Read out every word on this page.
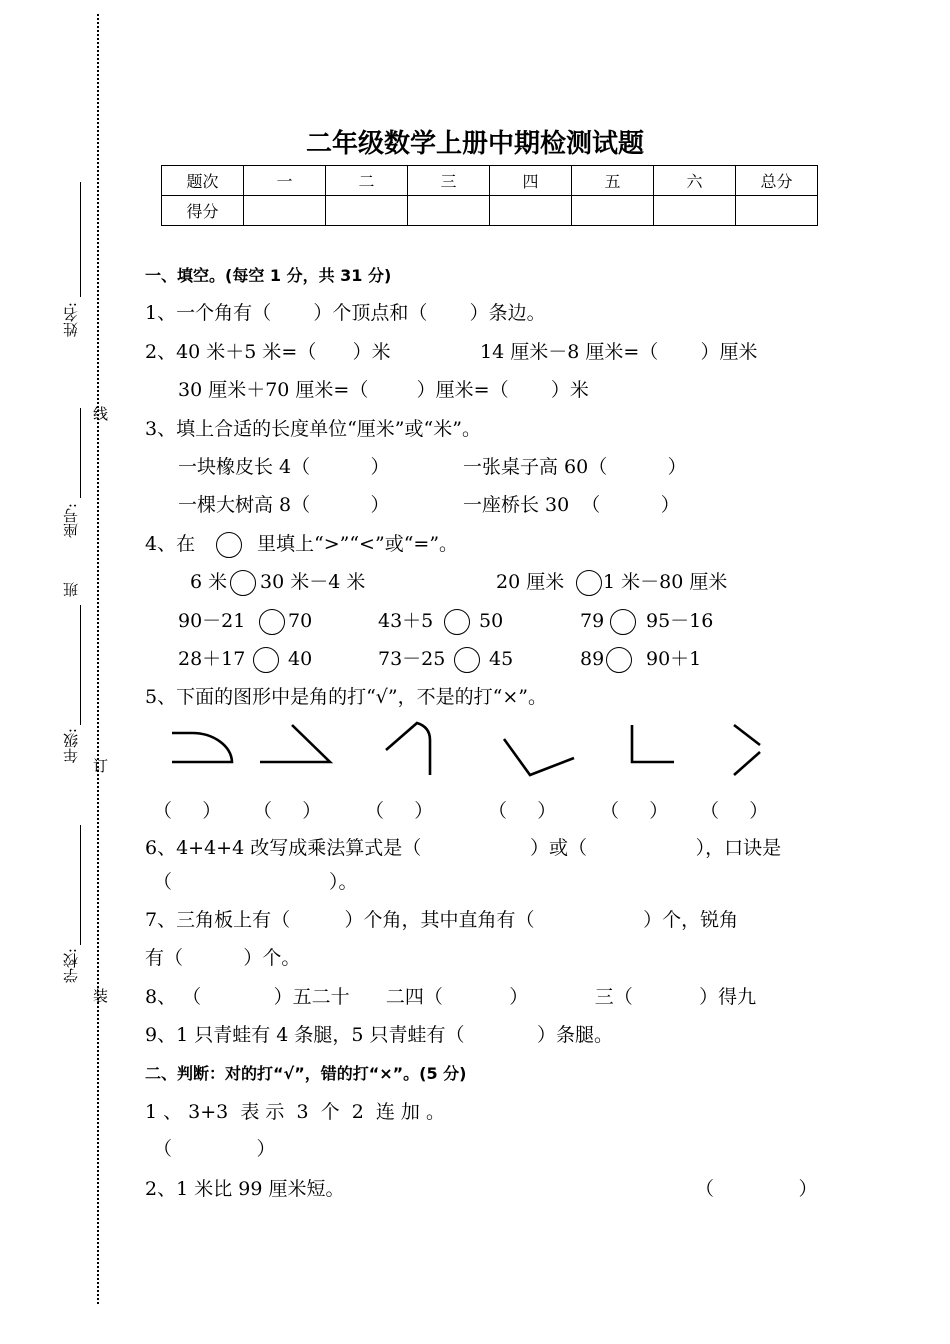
学校:
装
年级:
订
班
座号:
线
姓名:
二年级数学上册中期检测试题
题次	一	二	三	四	五	六	总分
得分							
一、填空。(每空 1 分，共 31 分)
1、一个角有（       ）个顶点和（       ）条边。
2、40 米＋5 米=（      ）米	14 厘米－8 厘米=（       ）厘米
30 厘米＋70 厘米=（        ）厘米=（       ）米
3、填上合适的长度单位“厘米”或“米”。
一块橡皮长 4（          ）	一张桌子高 60（          ）
一棵大树高 8（          ）	一座桥长 30  （          ）
4、在	里填上“>”“<”或“=”。
6 米 30 米－4 米	20 厘米 1 米－80 厘米
90－21 70	43＋5 50	79 95－16
28＋17 40	73－25 45	89 90＋1
5、下面的图形中是角的打“√”，不是的打“×”。
（     ） （     ） （     ）	（     ） （     ） （     ）
6、4+4+4 改写成乘法算式是（                  ）或（                  ），口诀是
（                          ）。
7、三角板上有（         ）个角，其中直角有（                  ）个，锐角
有（          ）个。
8、 （            ）五二十      二四（           ）           三（           ）得九
9、1 只青蛙有 4 条腿，5 只青蛙有（            ）条腿。
二、判断：对的打“√”，错的打“×”。(5 分)
1 、 3+3  表 示  3  个  2  连 加 。
（              ）
2、1 米比 99 厘米短。	（              ）
